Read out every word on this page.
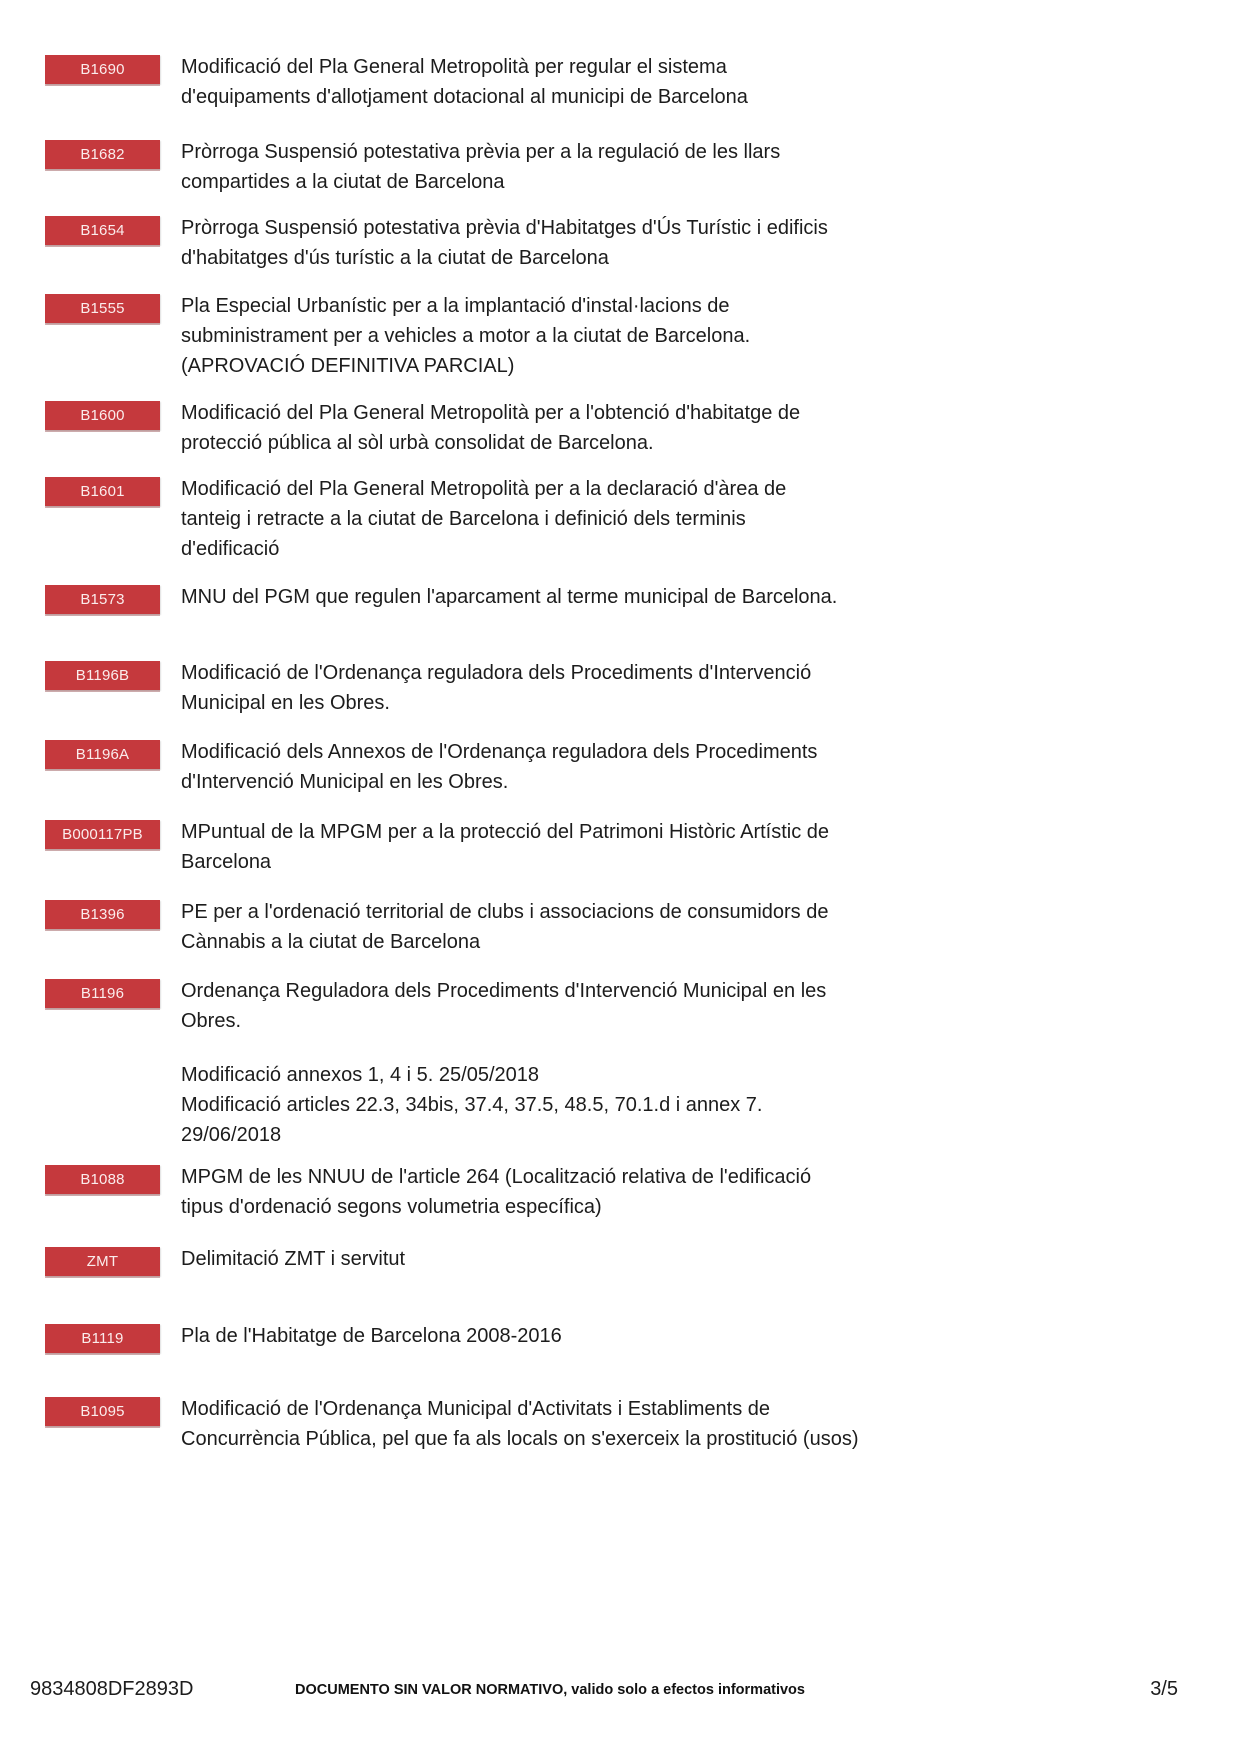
B1690	Modificació del Pla General Metropolità per regular el sistema
d'equipaments d'allotjament dotacional al municipi de Barcelona
B1682	Pròrroga Suspensió potestativa prèvia per a la regulació de les llars
compartides a la ciutat de Barcelona
B1654	Pròrroga Suspensió potestativa prèvia d'Habitatges d'Ús Turístic i edificis
d'habitatges d'ús turístic a la ciutat de Barcelona
B1555	Pla Especial Urbanístic per a la implantació d'instal·lacions de
subministrament per a vehicles a motor a la ciutat de Barcelona.
(APROVACIÓ DEFINITIVA PARCIAL)
B1600	Modificació del Pla General Metropolità per a l'obtenció d'habitatge de
protecció pública al sòl urbà consolidat de Barcelona.
B1601	Modificació del Pla General Metropolità per a la declaració d'àrea de
tanteig i retracte a la ciutat de Barcelona i definició dels terminis
d'edificació
B1573	MNU del PGM que regulen l'aparcament al terme municipal de Barcelona.
B1196B	Modificació de l'Ordenança reguladora dels Procediments d'Intervenció
Municipal en les Obres.
B1196A	Modificació dels Annexos de l'Ordenança reguladora dels Procediments
d'Intervenció Municipal en les Obres.
B000117PB MPuntual de la MPGM per a la protecció del Patrimoni Històric Artístic de
Barcelona
B1396	PE per a l'ordenació territorial de clubs i associacions de consumidors de
Cànnabis a la ciutat de Barcelona
B1196	Ordenança Reguladora dels Procediments d'Intervenció Municipal en les
Obres.
Modificació annexos 1, 4 i 5. 25/05/2018
Modificació articles 22.3, 34bis, 37.4, 37.5, 48.5, 70.1.d i annex 7.
29/06/2018
B1088	MPGM de les NNUU de l'article 264 (Localització relativa de l'edificació
tipus d'ordenació segons volumetria específica)
ZMT	Delimitació ZMT i servitut
B1119	Pla de l'Habitatge de Barcelona 2008-2016
B1095	Modificació de l'Ordenança Municipal d'Activitats i Establiments de
Concurrència Pública, pel que fa als locals on s'exerceix la prostitució (usos)
9834808DF2893D	DOCUMENTO SIN VALOR NORMATIVO, valido solo a efectos informativos	3/5
